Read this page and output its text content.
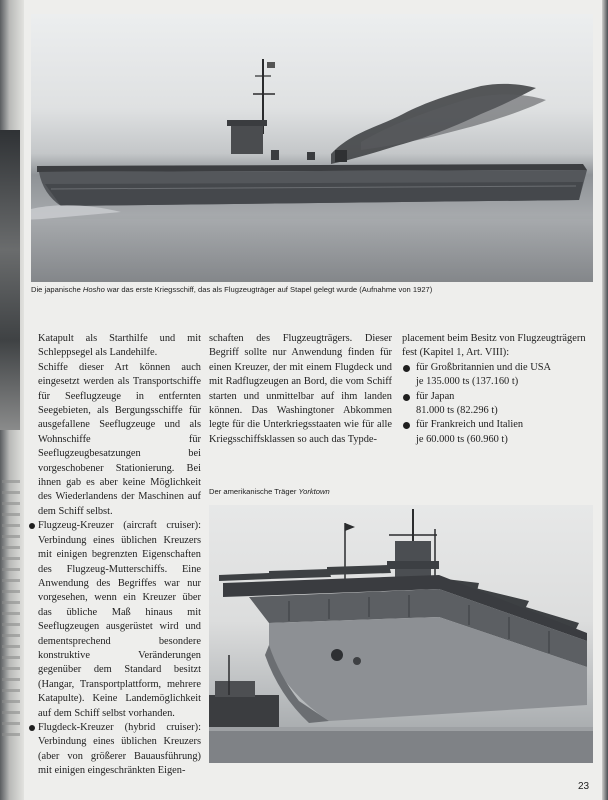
Die japanische Hosho war das erste Kriegsschiff, das als Flugzeugträger auf Stapel gelegt wurde (Aufnahme von 1927)

Katapult als Starthilfe und mit Schleppsegel als Landehilfe.

Schiffe dieser Art können auch eingesetzt werden als Transportschiffe für Seeflugzeuge in entfernten Seegebieten, als Bergungsschiffe für ausgefallene Seeflugzeuge und als Wohnschiffe für Seeflugzeugbesatzungen bei vorgeschobener Stationierung. Bei ihnen gab es aber keine Möglichkeit des Wiederlandens der Maschinen auf dem Schiff selbst.

Flugzeug-Kreuzer (aircraft cruiser): Verbindung eines üblichen Kreuzers mit einigen begrenzten Eigenschaften des Flugzeug-Mutterschiffs. Eine Anwendung des Begriffes war nur vorgesehen, wenn ein Kreuzer über das übliche Maß hinaus mit Seeflugzeugen ausgerüstet wird und dementsprechend besondere konstruktive Veränderungen gegenüber dem Standard besitzt (Hangar, Transportplattform, mehrere Katapulte). Keine Landemöglichkeit auf dem Schiff selbst vorhanden.

Flugdeck-Kreuzer (hybrid cruiser): Verbindung eines üblichen Kreuzers (aber von größerer Bauausführung) mit einigen eingeschränkten Eigen-

schaften des Flugzeugträgers. Dieser Begriff sollte nur Anwendung finden für einen Kreuzer, der mit einem Flugdeck und mit Radflugzeugen an Bord, die vom Schiff starten und unmittelbar auf ihm landen können. Das Washingtoner Abkommen legte für die Unterkriegsstaaten wie für alle Kriegsschiffsklassen so auch das Typde-

placement beim Besitz von Flugzeugträgern fest (Kapitel 1, Art. VIII):

für Großbritannien und die USA
je 135.000 ts (137.160 t)
für Japan
81.000 ts (82.296 t)
für Frankreich und Italien
je 60.000 ts (60.960 t)
Der amerikanische Träger Yorktown
23
